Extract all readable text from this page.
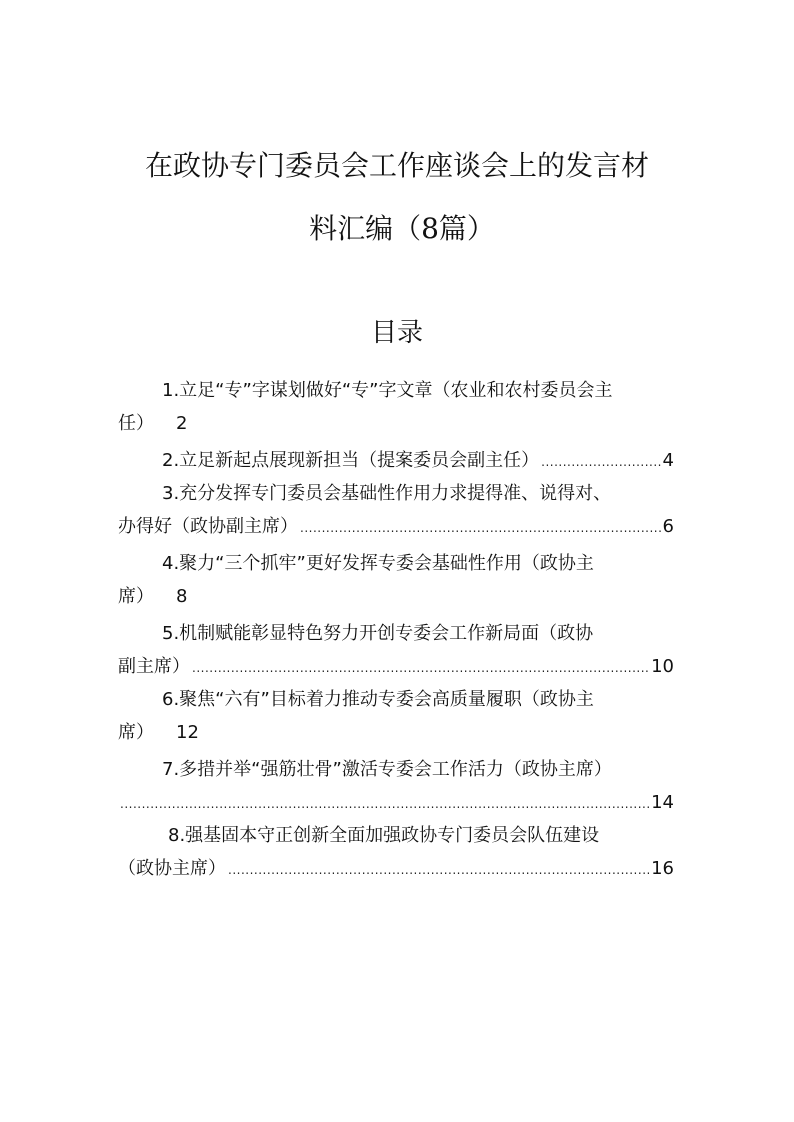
在政协专门委员会工作座谈会上的发言材
料汇编（8篇）
目录
1.立足“专”字谋划做好“专”字文章（农业和农村委员会主
任） 2
2.立足新起点展现新担当（提案委员会副主任） .....	4
3.充分发挥专门委员会基础性作用力求提得准、说得对、
办得好（政协副主席） .....	6
4.聚力“三个抓牢”更好发挥专委会基础性作用（政协主
席） 8
5.机制赋能彰显特色努力开创专委会工作新局面（政协
副主席） .....	10
6.聚焦“六有”目标着力推动专委会高质量履职（政协主
席） 12
7.多措并举“强筋壮骨”激活专委会工作活力（政协主席）
.....
14
8.强基固本守正创新全面加强政协专门委员会队伍建设
（政协主席） .....	16
